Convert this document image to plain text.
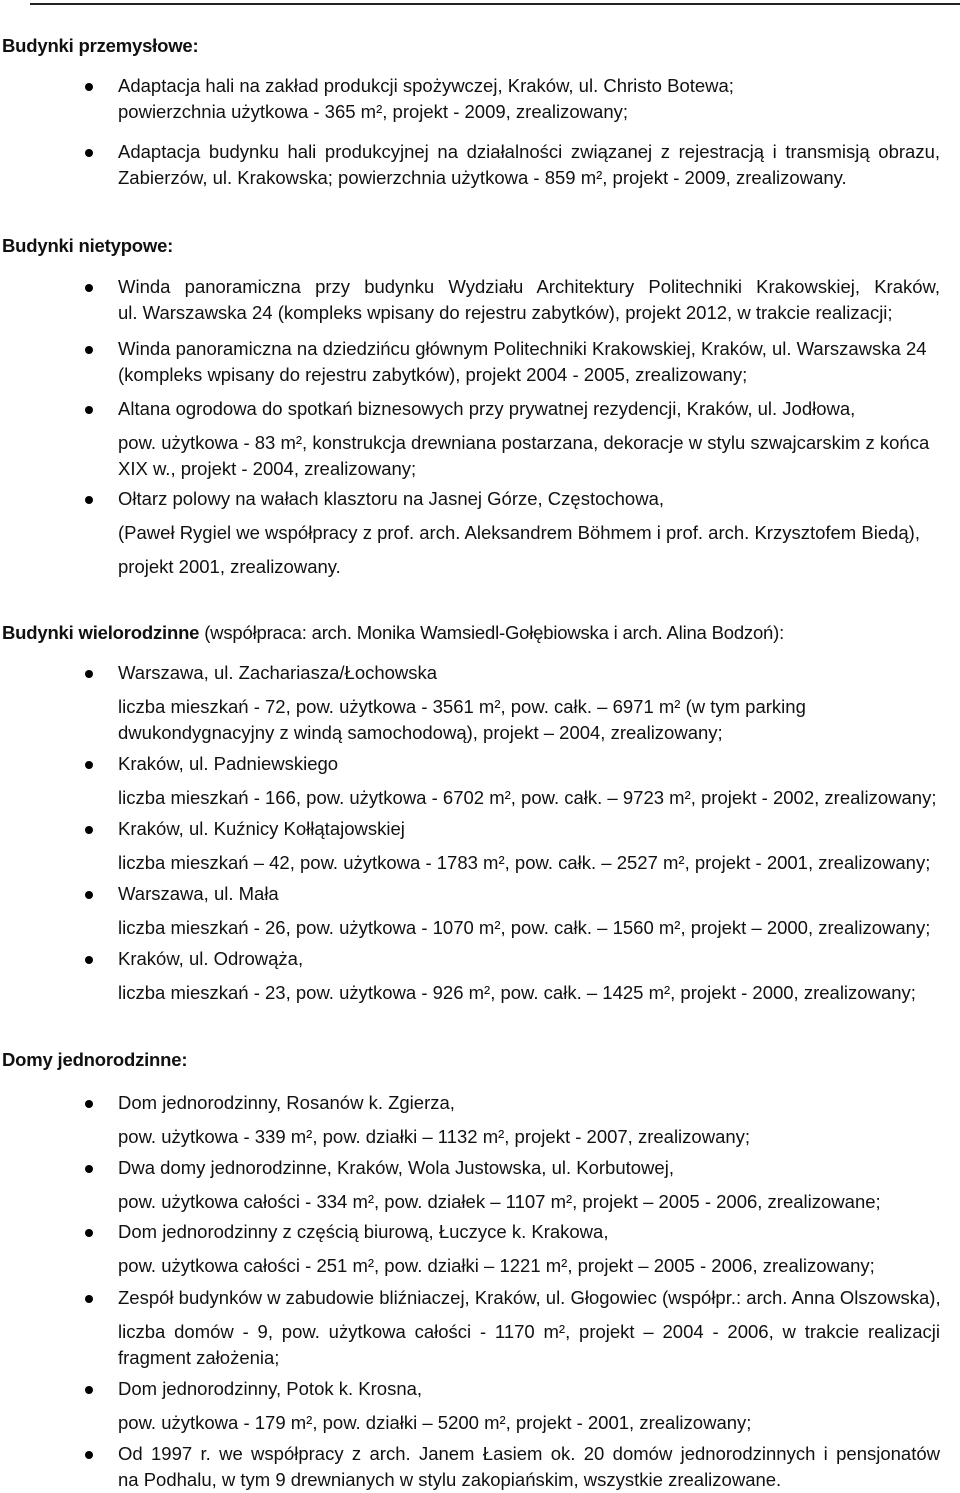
Budynki przemysłowe:
Adaptacja hali na zakład produkcji spożywczej, Kraków, ul. Christo Botewa;
powierzchnia użytkowa - 365 m², projekt - 2009, zrealizowany;
Adaptacja budynku hali produkcyjnej na działalności związanej z rejestracją i transmisją obrazu,
Zabierzów, ul. Krakowska; powierzchnia użytkowa - 859 m², projekt - 2009, zrealizowany.
Budynki nietypowe:
Winda panoramiczna przy budynku Wydziału Architektury Politechniki Krakowskiej, Kraków,
ul. Warszawska 24 (kompleks wpisany do rejestru zabytków), projekt 2012, w trakcie realizacji;
Winda panoramiczna na dziedzińcu głównym Politechniki Krakowskiej, Kraków, ul. Warszawska 24
(kompleks wpisany do rejestru zabytków), projekt 2004 - 2005, zrealizowany;
Altana ogrodowa do spotkań biznesowych przy prywatnej rezydencji, Kraków, ul. Jodłowa,
pow. użytkowa - 83 m², konstrukcja drewniana postarzana, dekoracje w stylu szwajcarskim z końca
XIX w., projekt - 2004, zrealizowany;
Ołtarz polowy na wałach klasztoru na Jasnej Górze, Częstochowa,
(Paweł Rygiel we współpracy z prof. arch. Aleksandrem Böhmem i prof. arch. Krzysztofem Biedą),
projekt 2001, zrealizowany.
Budynki wielorodzinne (współpraca: arch. Monika Wamsiedl-Gołębiowska i arch. Alina Bodzoń):
Warszawa, ul. Zachariasza/Łochowska
liczba mieszkań - 72, pow. użytkowa - 3561 m², pow. całk. – 6971 m² (w tym parking
dwukondygnacyjny z windą samochodową), projekt – 2004, zrealizowany;
Kraków, ul. Padniewskiego
liczba mieszkań - 166, pow. użytkowa - 6702 m², pow. całk. – 9723 m², projekt - 2002, zrealizowany;
Kraków, ul. Kuźnicy Kołłątajowskiej
liczba mieszkań – 42, pow. użytkowa - 1783 m², pow. całk. – 2527 m², projekt - 2001, zrealizowany;
Warszawa, ul. Mała
liczba mieszkań - 26, pow. użytkowa - 1070 m², pow. całk. – 1560 m², projekt – 2000, zrealizowany;
Kraków, ul. Odrowąża,
liczba mieszkań - 23, pow. użytkowa - 926 m², pow. całk. – 1425 m², projekt - 2000, zrealizowany;
Domy jednorodzinne:
Dom jednorodzinny, Rosanów k. Zgierza,
pow. użytkowa - 339 m², pow. działki – 1132 m², projekt - 2007, zrealizowany;
Dwa domy jednorodzinne, Kraków, Wola Justowska, ul. Korbutowej,
pow. użytkowa całości - 334 m², pow. działek – 1107 m², projekt – 2005 - 2006, zrealizowane;
Dom jednorodzinny z częścią biurową, Łuczyce k. Krakowa,
pow. użytkowa całości - 251 m², pow. działki – 1221 m², projekt – 2005 - 2006, zrealizowany;
Zespół budynków w zabudowie bliźniaczej, Kraków, ul. Głogowiec (współpr.: arch. Anna Olszowska),
liczba domów - 9, pow. użytkowa całości - 1170 m², projekt – 2004 - 2006, w trakcie realizacji
fragment założenia;
Dom jednorodzinny, Potok k. Krosna,
pow. użytkowa - 179 m², pow. działki – 5200 m², projekt - 2001, zrealizowany;
Od 1997 r. we współpracy z arch. Janem Łasiem ok. 20 domów jednorodzinnych i pensjonatów
na Podhalu, w tym 9 drewnianych w stylu zakopiańskim, wszystkie zrealizowane.
